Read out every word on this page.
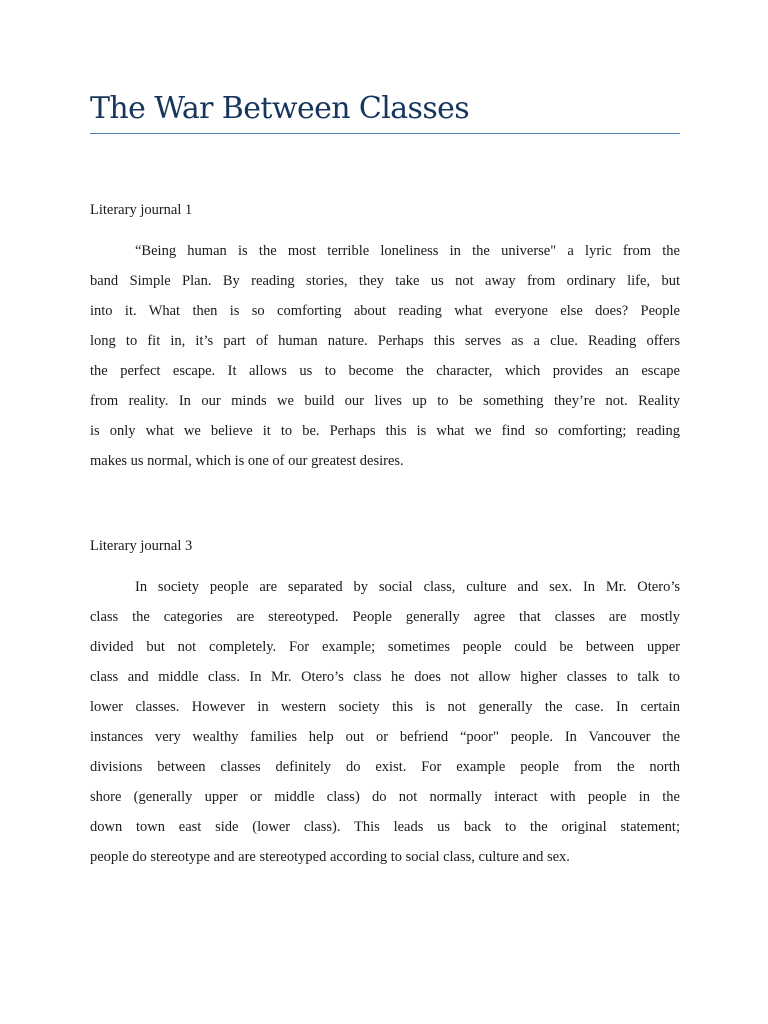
The War Between Classes

Literary journal 1

“Being human is the most terrible loneliness in the universe" a lyric from the
band Simple Plan. By reading stories, they take us not away from ordinary life, but
into it. What then is so comforting about reading what everyone else does? People
long to fit in, it’s part of human nature. Perhaps this serves as a clue. Reading offers
the perfect escape. It allows us to become the character, which provides an escape
from reality. In our minds we build our lives up to be something they’re not. Reality
is only what we believe it to be. Perhaps this is what we find so comforting; reading
makes us normal, which is one of our greatest desires.

Literary journal 3

In society people are separated by social class, culture and sex. In Mr. Otero’s
class the categories are stereotyped. People generally agree that classes are mostly
divided but not completely. For example; sometimes people could be between upper
class and middle class. In Mr. Otero’s class he does not allow higher classes to talk to
lower classes. However in western society this is not generally the case. In certain
instances very wealthy families help out or befriend “poor" people. In Vancouver the
divisions between classes definitely do exist. For example people from the north
shore (generally upper or middle class) do not normally interact with people in the
down town east side (lower class). This leads us back to the original statement;
people do stereotype and are stereotyped according to social class, culture and sex.
